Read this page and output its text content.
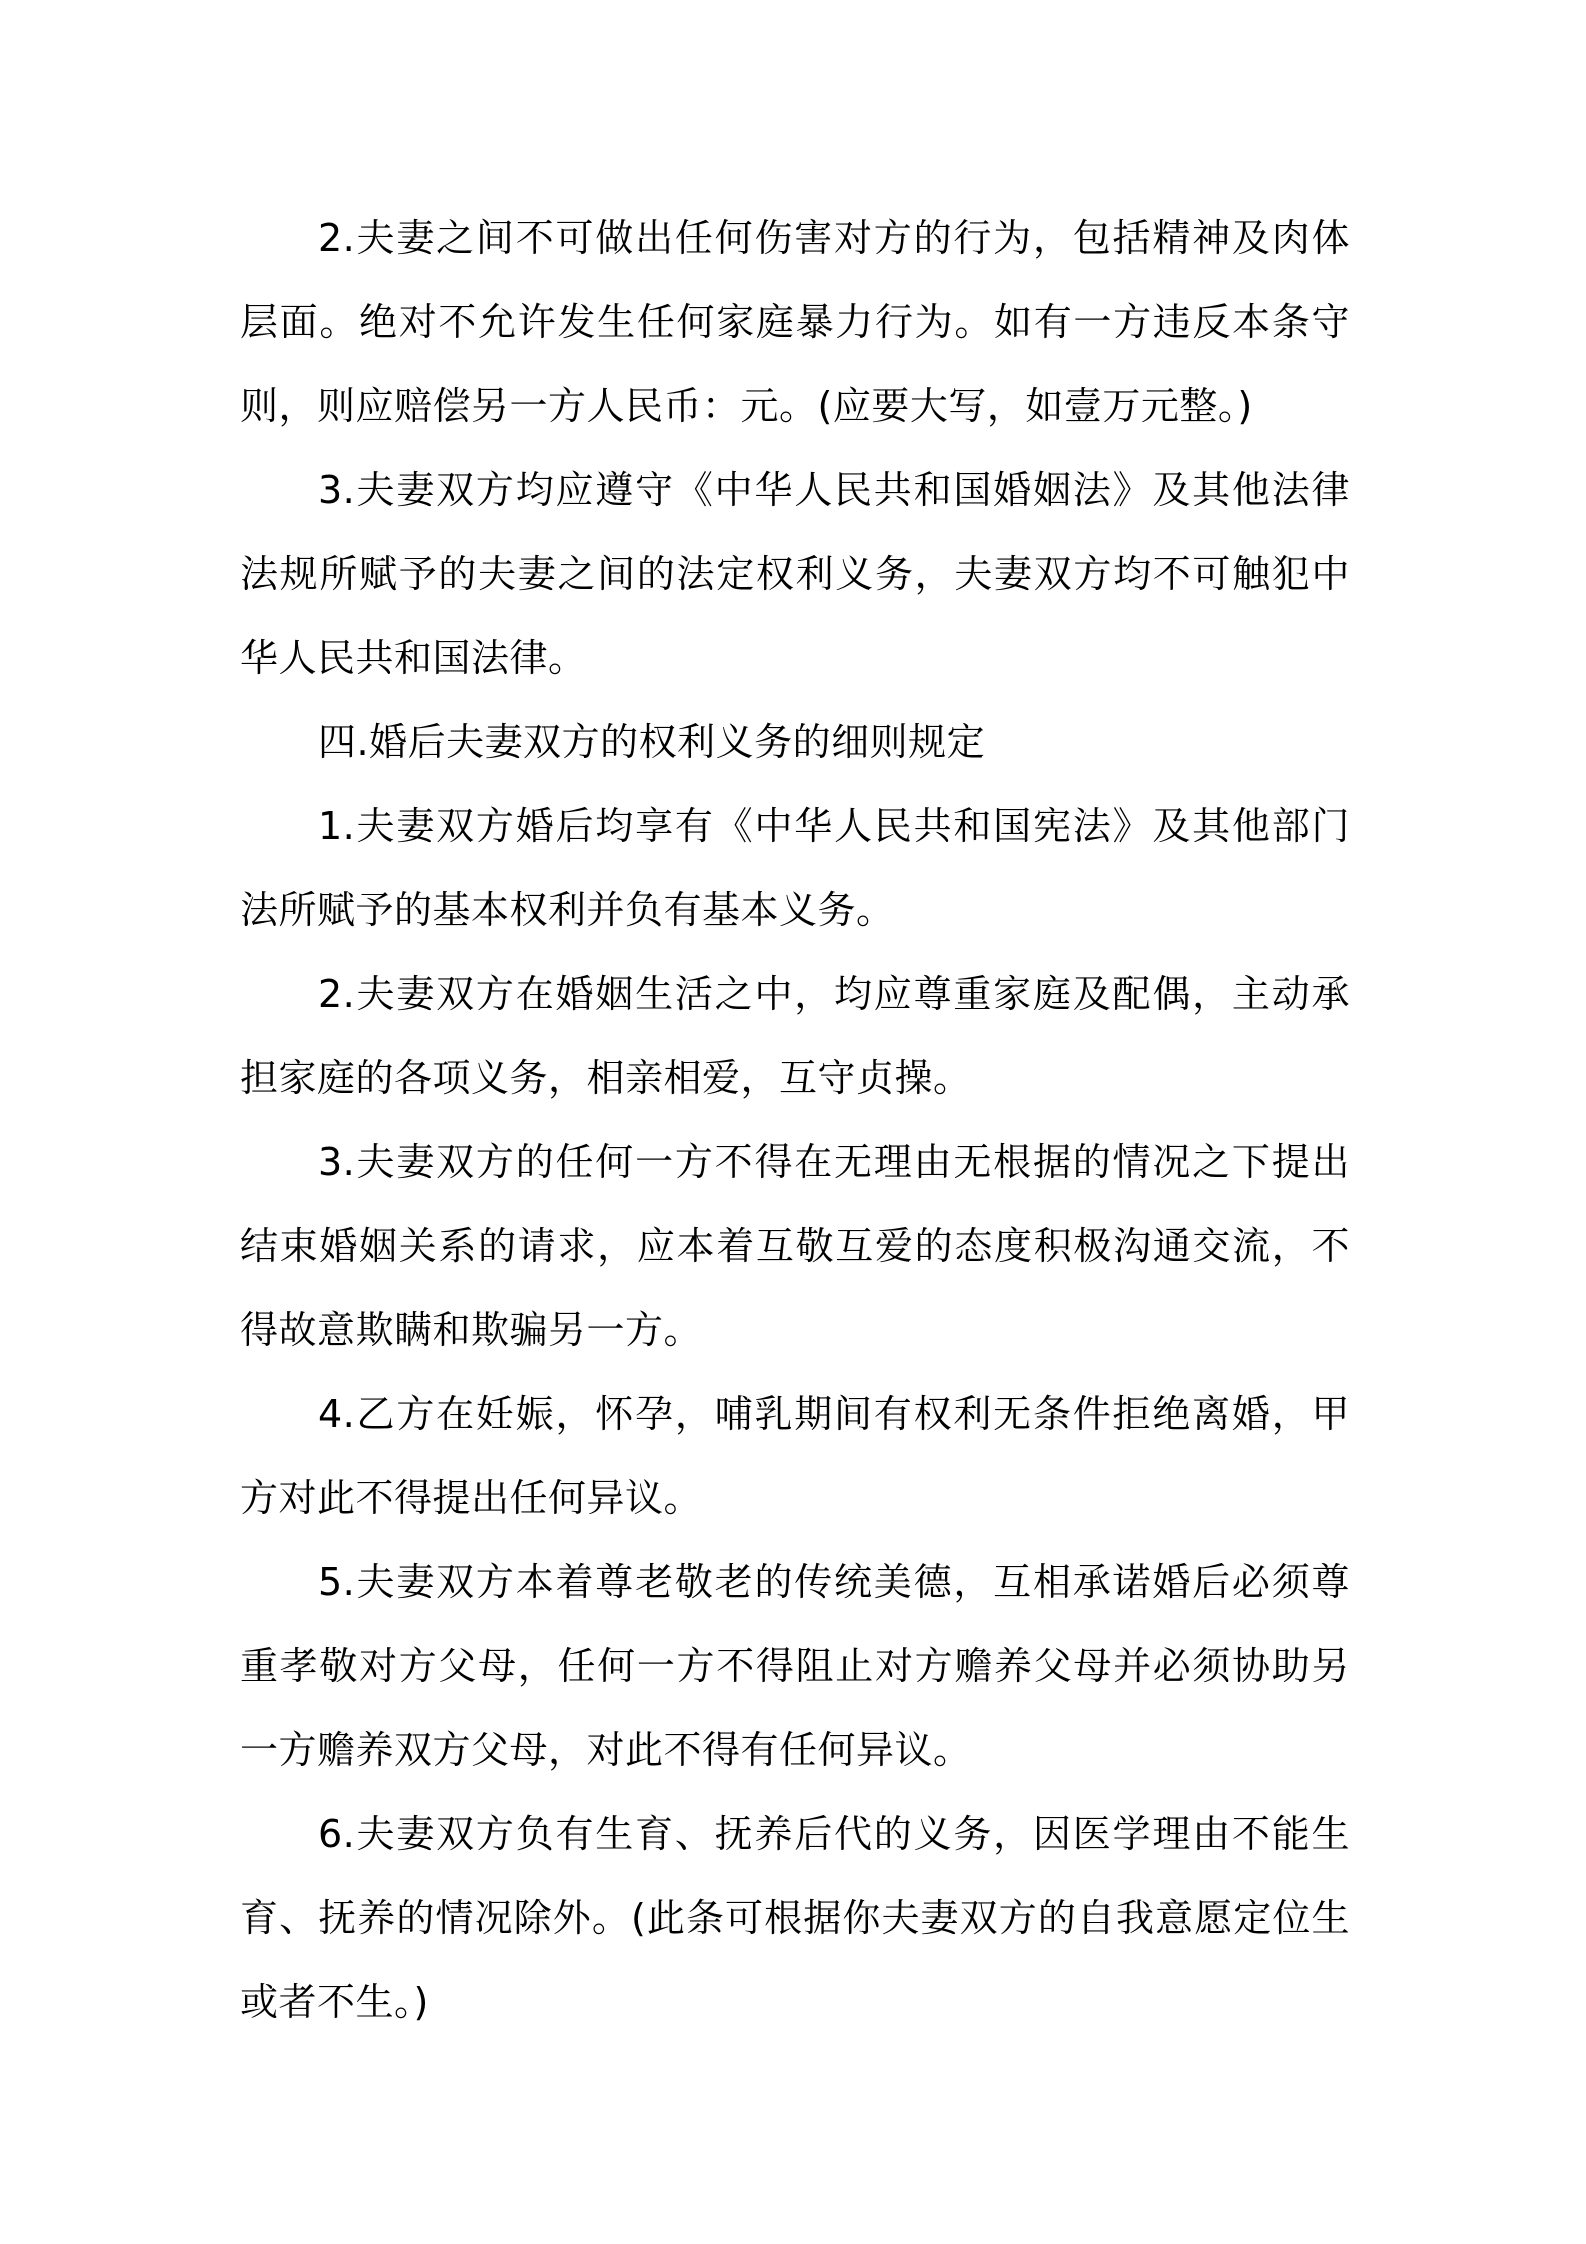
2.夫妻之间不可做出任何伤害对方的行为，包括精神及肉体层面。绝对不允许发生任何家庭暴力行为。如有一方违反本条守则，则应赔偿另一方人民币：元。(应要大写，如壹万元整。)

3.夫妻双方均应遵守《中华人民共和国婚姻法》及其他法律法规所赋予的夫妻之间的法定权利义务，夫妻双方均不可触犯中华人民共和国法律。

四.婚后夫妻双方的权利义务的细则规定

1.夫妻双方婚后均享有《中华人民共和国宪法》及其他部门法所赋予的基本权利并负有基本义务。

2.夫妻双方在婚姻生活之中，均应尊重家庭及配偶，主动承担家庭的各项义务，相亲相爱，互守贞操。

3.夫妻双方的任何一方不得在无理由无根据的情况之下提出结束婚姻关系的请求，应本着互敬互爱的态度积极沟通交流，不得故意欺瞒和欺骗另一方。

4.乙方在妊娠，怀孕，哺乳期间有权利无条件拒绝离婚，甲方对此不得提出任何异议。

5.夫妻双方本着尊老敬老的传统美德，互相承诺婚后必须尊重孝敬对方父母，任何一方不得阻止对方赡养父母并必须协助另一方赡养双方父母，对此不得有任何异议。

6.夫妻双方负有生育、抚养后代的义务，因医学理由不能生育、抚养的情况除外。(此条可根据你夫妻双方的自我意愿定位生或者不生。)
